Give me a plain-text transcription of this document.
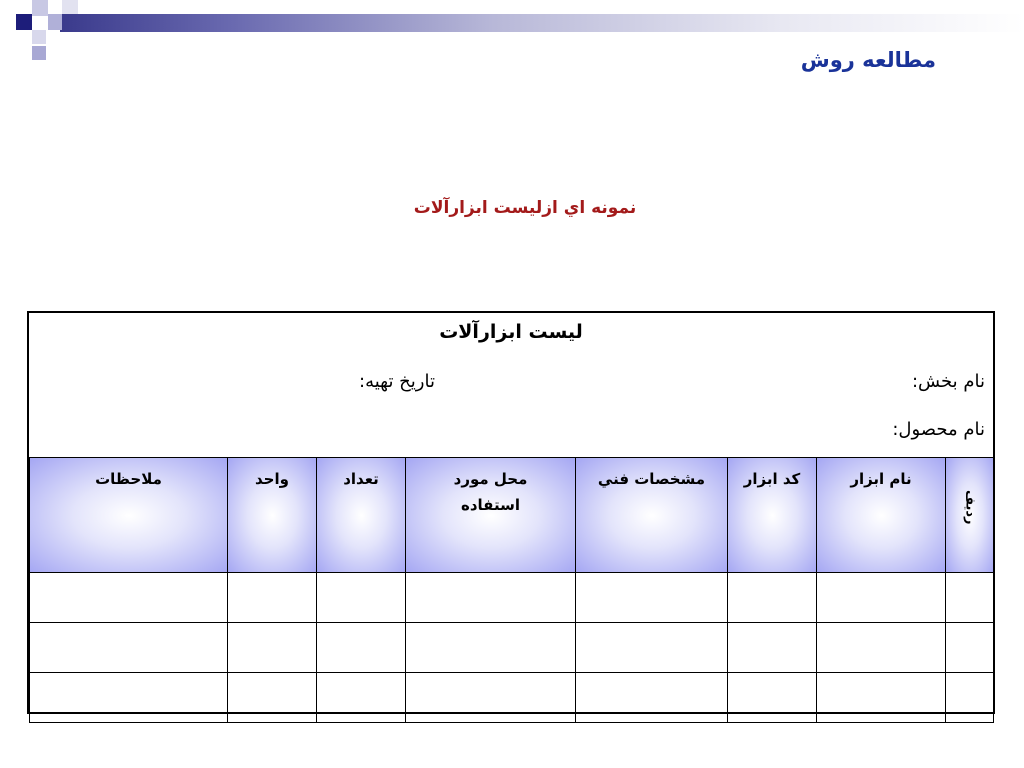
مطالعه روش
نمونه اي ازليست ابزارآلات
ليست ابزارآلات
نام بخش:
تاريخ تهيه:
نام محصول:
رديف	نام ابزار	كد ابزار	مشخصات فني	محل مورد استفاده	تعداد	واحد	ملاحظات
